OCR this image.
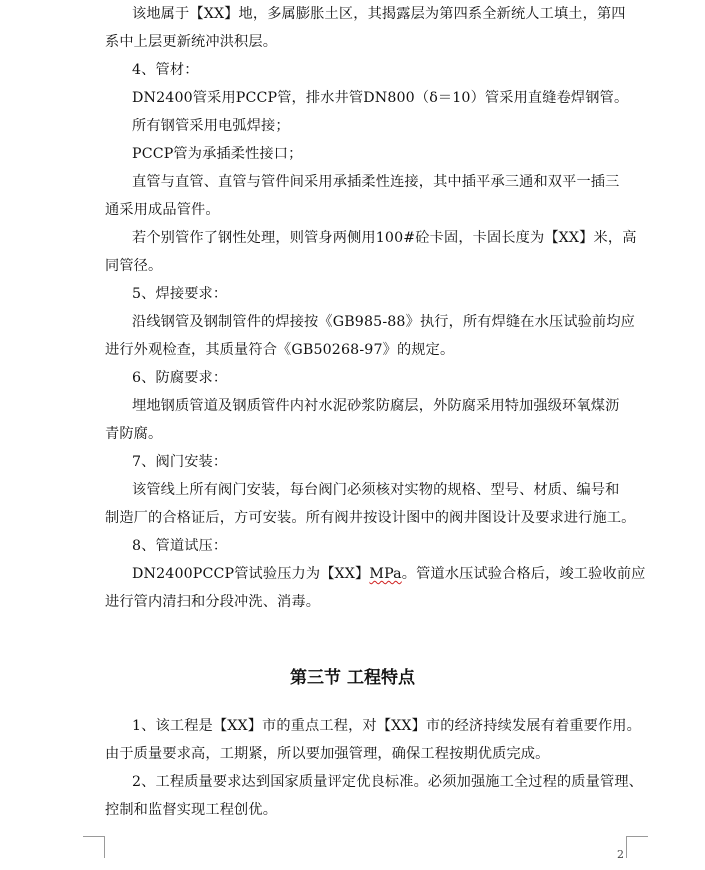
该地属于【XX】地，多属膨胀土区，其揭露层为第四系全新统人工填土，第四
系中上层更新统冲洪积层。
4、管材：
DN2400管采用PCCP管，排水井管DN800（δ＝10）管采用直缝卷焊钢管。
所有钢管采用电弧焊接；
PCCP管为承插柔性接口；
直管与直管、直管与管件间采用承插柔性连接，其中插平承三通和双平一插三
通采用成品管件。
若个别管作了钢性处理，则管身两侧用100#砼卡固，卡固长度为【XX】米，高
同管径。
5、焊接要求：
沿线钢管及钢制管件的焊接按《GB985-88》执行，所有焊缝在水压试验前均应
进行外观检查，其质量符合《GB50268-97》的规定。
6、防腐要求：
埋地钢质管道及钢质管件内衬水泥砂浆防腐层，外防腐采用特加强级环氧煤沥
青防腐。
7、阀门安装：
该管线上所有阀门安装，每台阀门必须核对实物的规格、型号、材质、编号和
制造厂的合格证后，方可安装。所有阀井按设计图中的阀井图设计及要求进行施工。
8、管道试压：
DN2400PCCP管试验压力为【XX】MPa。管道水压试验合格后，竣工验收前应
进行管内清扫和分段冲洗、消毒。
第三节 工程特点
1、该工程是【XX】市的重点工程，对【XX】市的经济持续发展有着重要作用。
由于质量要求高，工期紧，所以要加强管理，确保工程按期优质完成。
2、工程质量要求达到国家质量评定优良标准。必须加强施工全过程的质量管理、
控制和监督实现工程创优。
2
